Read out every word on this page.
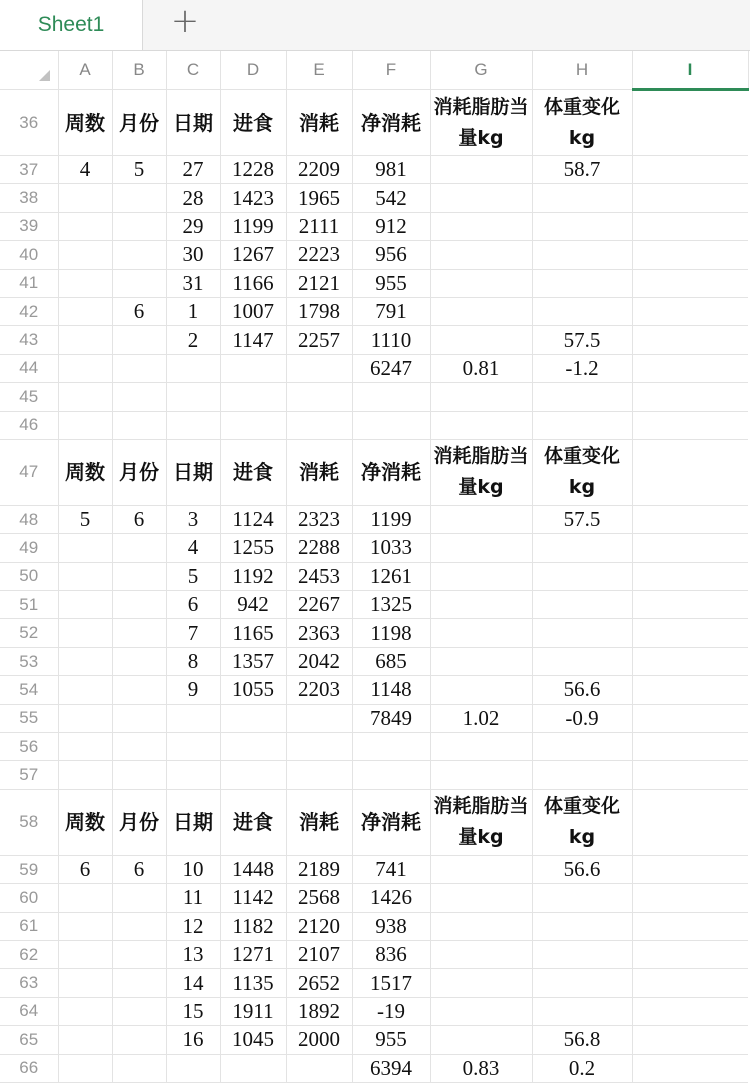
Sheet1	+
	A	B	C	D	E	F	G	H	I
36	周数	月份	日期	进食	消耗	净消耗	消耗脂肪当量kg	体重变化kg	
37	4	5	27	1228	2209	981		58.7	
38			28	1423	1965	542			
39			29	1199	2111	912			
40			30	1267	2223	956			
41			31	1166	2121	955			
42		6	1	1007	1798	791			
43			2	1147	2257	1110		57.5	
44						6247	0.81	-1.2	
45									
46									
47	周数	月份	日期	进食	消耗	净消耗	消耗脂肪当量kg	体重变化kg	
48	5	6	3	1124	2323	1199		57.5	
49			4	1255	2288	1033			
50			5	1192	2453	1261			
51			6	942	2267	1325			
52			7	1165	2363	1198			
53			8	1357	2042	685			
54			9	1055	2203	1148		56.6	
55						7849	1.02	-0.9	
56									
57									
58	周数	月份	日期	进食	消耗	净消耗	消耗脂肪当量kg	体重变化kg	
59	6	6	10	1448	2189	741		56.6	
60			11	1142	2568	1426			
61			12	1182	2120	938			
62			13	1271	2107	836			
63			14	1135	2652	1517			
64			15	1911	1892	-19			
65			16	1045	2000	955		56.8	
66						6394	0.83	0.2	
